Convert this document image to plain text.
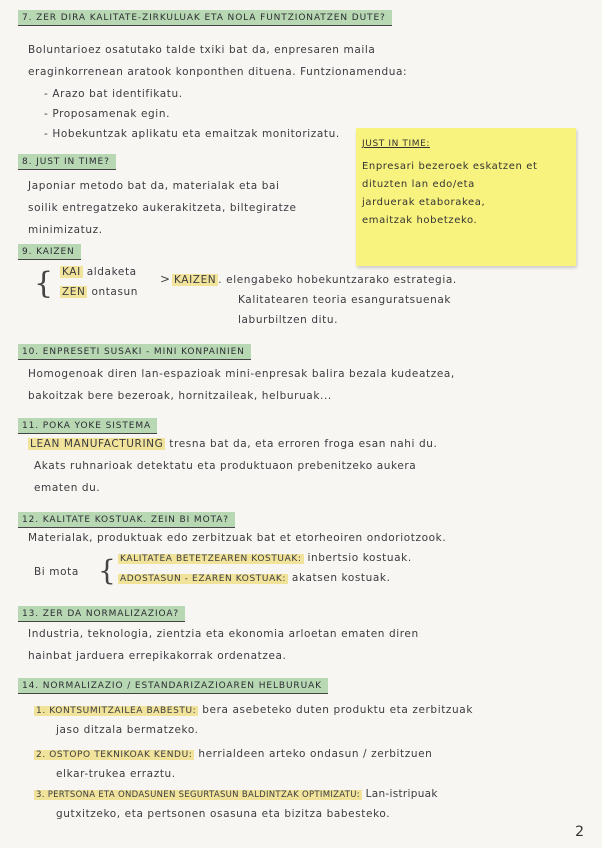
7. ZER DIRA KALITATE-ZIRKULUAK ETA NOLA FUNTZIONATZEN DUTE?
Boluntarioez osatutako talde txiki bat da, enpresaren maila
eraginkorrenean aratook konponthen dituena. Funtzionamendua:
- Arazo bat identifikatu.
- Proposamenak egin.
- Hobekuntzak aplikatu eta emaitzak monitorizatu.
8. JUST IN TIME?
Japoniar metodo bat da, materialak eta bai
soilik entregatzeko aukerakitzeta, biltegiratze
minimizatuz.
JUST IN TIME:
Enpresari bezeroek eskatzen et
dituzten lan edo/eta
jarduerak etaborakea,
emaitzak hobetzeko.
9. KAIZEN
{ KAI aldaketa
ZEN ontasun
> KAIZEN . elengabeko hobekuntzarako estrategia.
Kalitatearen teoria esanguratsuenak
laburbiltzen ditu.
10. ENPRESETI SUSAKI - MINI KONPAINIEN
Homogenoak diren lan-espazioak mini-enpresak balira bezala kudeatzea,
bakoitzak bere bezeroak, hornitzaileak, helburuak...
11. POKA YOKE SISTEMA
LEAN MANUFACTURING tresna bat da, eta erroren froga esan nahi du.
Akats ruhnarioak detektatu eta produktuaon prebenitzeko aukera
ematen du.
12. KALITATE KOSTUAK. ZEIN BI MOTA?
Materialak, produktuak edo zerbitzuak bat et etorheoiren ondoriotzook.
Bi mota { KALITATEA BETETZEAREN KOSTUAK: inbertsio kostuak.
ADOSTASUN - EZAREN KOSTUAK: akatsen kostuak.
13. ZER DA NORMALIZAZIOA?
Industria, teknologia, zientzia eta ekonomia arloetan ematen diren
hainbat jarduera errepikakorrak ordenatzea.
14. NORMALIZAZIO / ESTANDARIZAZIOAREN HELBURUAK
1. KONTSUMITZAILEA BABESTU: bera asebeteko duten produktu eta zerbitzuak
jaso ditzala bermatzeko.
2. OSTOPO TEKNIKOAK KENDU: herrialdeen arteko ondasun / zerbitzuen
elkar-trukea erraztu.
3. PERTSONA ETA ONDASUNEN SEGURTASUN BALDINTZAK OPTIMIZATU: Lan-istripuak
gutxitzeko, eta pertsonen osasuna eta bizitza babesteko.
2
